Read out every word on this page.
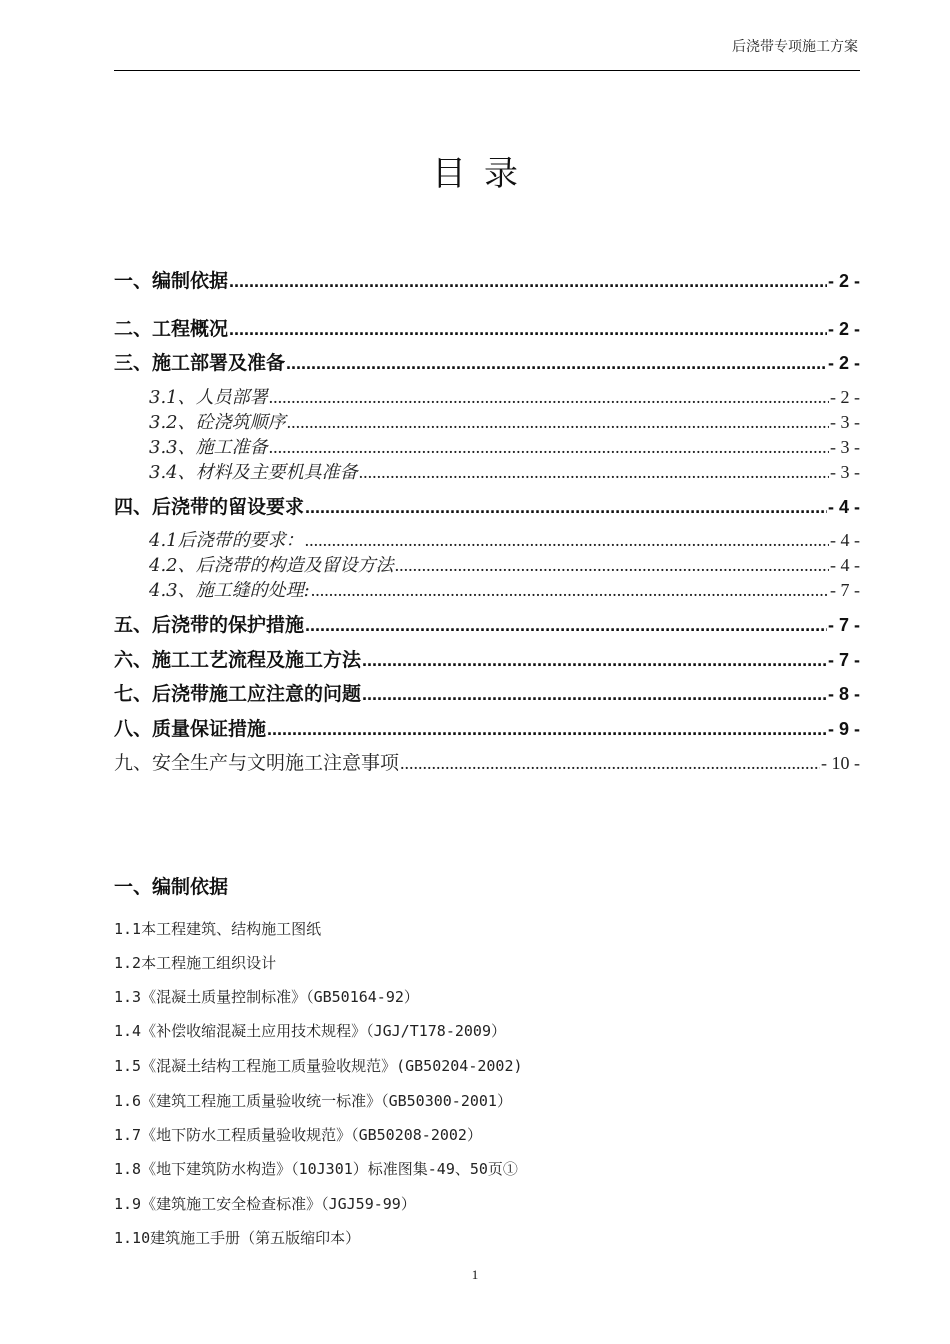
后浇带专项施工方案
目录
一、编制依据 .....	- 2 -
二、工程概况 .....	- 2 -
三、施工部署及准备 .....	- 2 -
3.1、人员部署 .....	- 2 -
3.2、砼浇筑顺序 .....	- 3 -
3.3、施工准备 .....	- 3 -
3.4、材料及主要机具准备 .....	- 3 -
四、后浇带的留设要求 .....	- 4 -
4.1后浇带的要求： .....	- 4 -
4.2、后浇带的构造及留设方法 .....	- 4 -
4.3、施工缝的处理: .....	- 7 -
五、后浇带的保护措施 .....	- 7 -
六、施工工艺流程及施工方法 .....	- 7 -
七、后浇带施工应注意的问题 .....	- 8 -
八、质量保证措施 .....	- 9 -
九、安全生产与文明施工注意事项 .....	- 10 -
一、编制依据
1.1本工程建筑、结构施工图纸
1.2本工程施工组织设计
1.3《混凝土质量控制标准》（GB50164-92）
1.4《补偿收缩混凝土应用技术规程》（JGJ/T178-2009）
1.5《混凝土结构工程施工质量验收规范》(GB50204-2002)
1.6《建筑工程施工质量验收统一标准》（GB50300-2001）
1.7《地下防水工程质量验收规范》（GB50208-2002）
1.8《地下建筑防水构造》（10J301）标准图集-49、50页①
1.9《建筑施工安全检查标准》（JGJ59-99）
1.10建筑施工手册（第五版缩印本）
1
